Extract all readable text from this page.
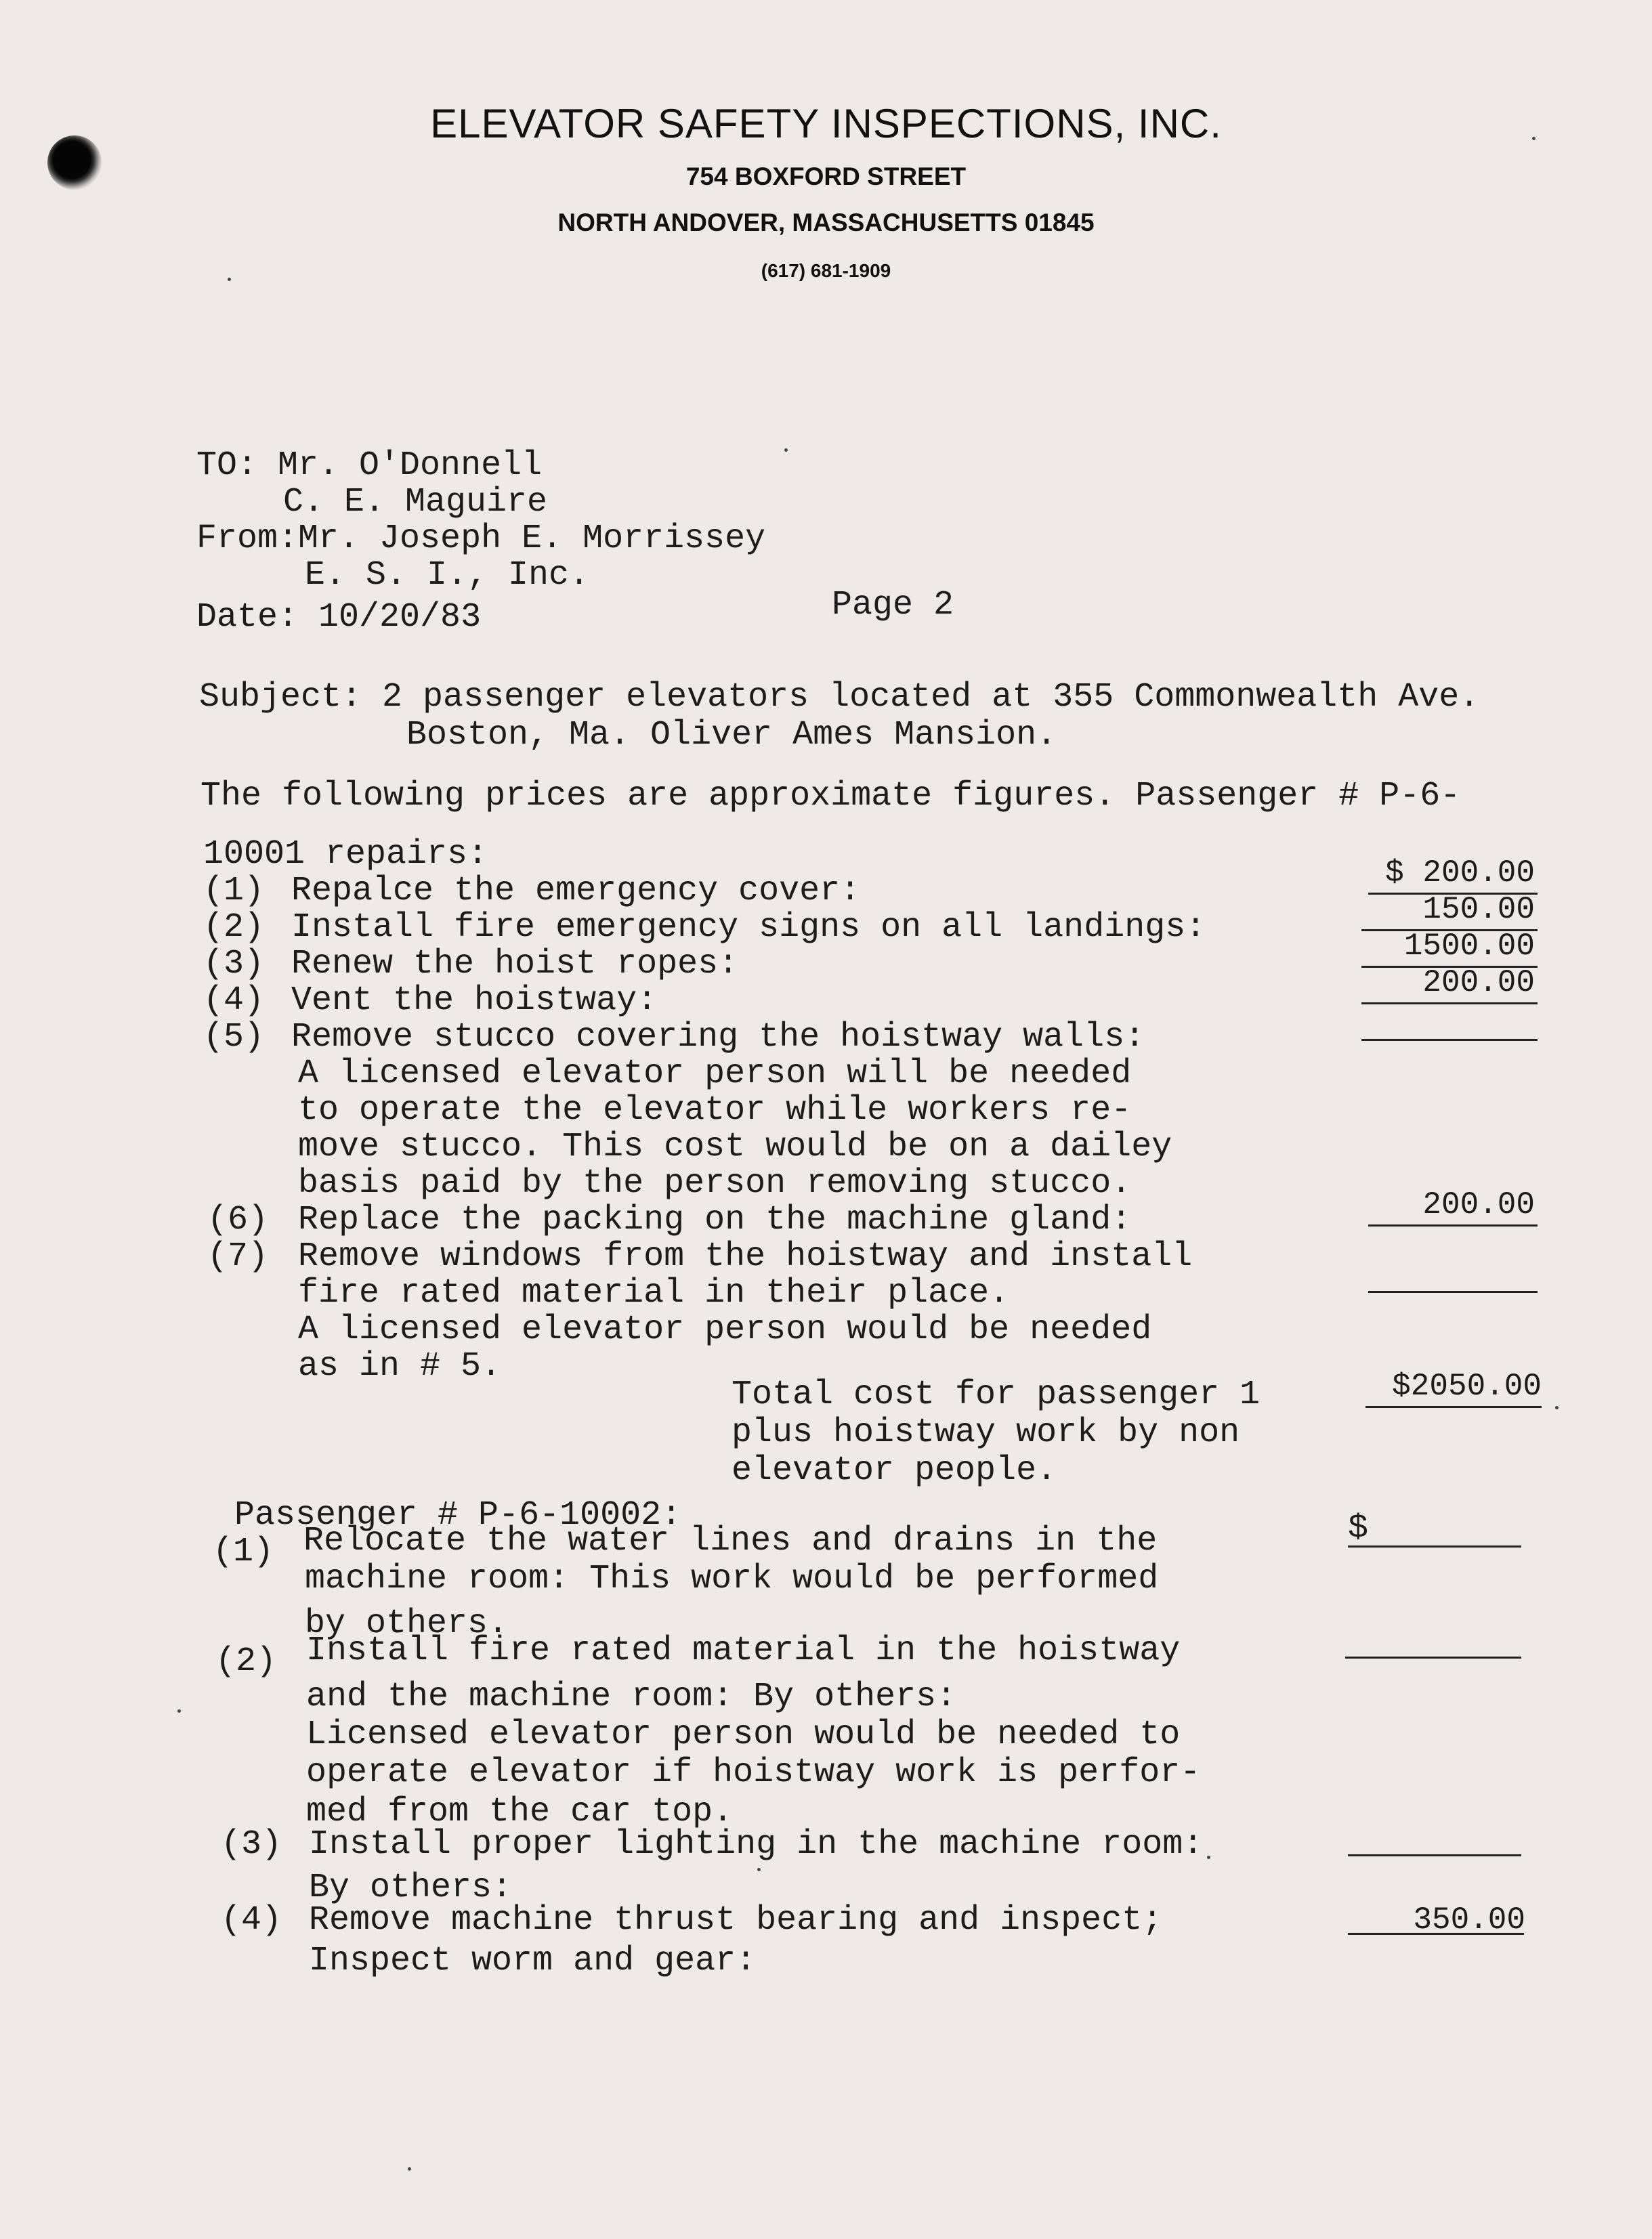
ELEVATOR SAFETY INSPECTIONS, INC.
754 BOXFORD STREET
NORTH ANDOVER, MASSACHUSETTS 01845
(617) 681-1909
TO: Mr. O'Donnell
C. E. Maguire
From:Mr. Joseph E. Morrissey
E. S. I., Inc.
Date: 10/20/83	Page 2
Subject: 2 passenger elevators located at 355 Commonwealth Ave.
Boston, Ma. Oliver Ames Mansion.
The following prices are approximate figures. Passenger # P-6-
10001 repairs:
(1) Repalce the emergency cover:	$ 200.00
(2) Install fire emergency signs on all landings:	150.00
(3) Renew the hoist ropes:	1500.00
(4) Vent the hoistway:	200.00
(5) Remove stucco covering the hoistway walls:
A licensed elevator person will be needed
to operate the elevator while workers re-
move stucco. This cost would be on a dailey
basis paid by the person removing stucco.
(6) Replace the packing on the machine gland:	200.00
(7) Remove windows from the hoistway and install
fire rated material in their place.
A licensed elevator person would be needed
as in # 5.
Total cost for passenger 1
plus hoistway work by non
elevator people.
$2050.00
Passenger # P-6-10002:
(1) Relocate the water lines and drains in the	$
machine room: This work would be performed
by others.
(2) Install fire rated material in the hoistway
and the machine room: By others:
Licensed elevator person would be needed to
operate elevator if hoistway work is perfor-
med from the car top.
(3) Install proper lighting in the machine room:
By others:
(4) Remove machine thrust bearing and inspect;	350.00
Inspect worm and gear:
